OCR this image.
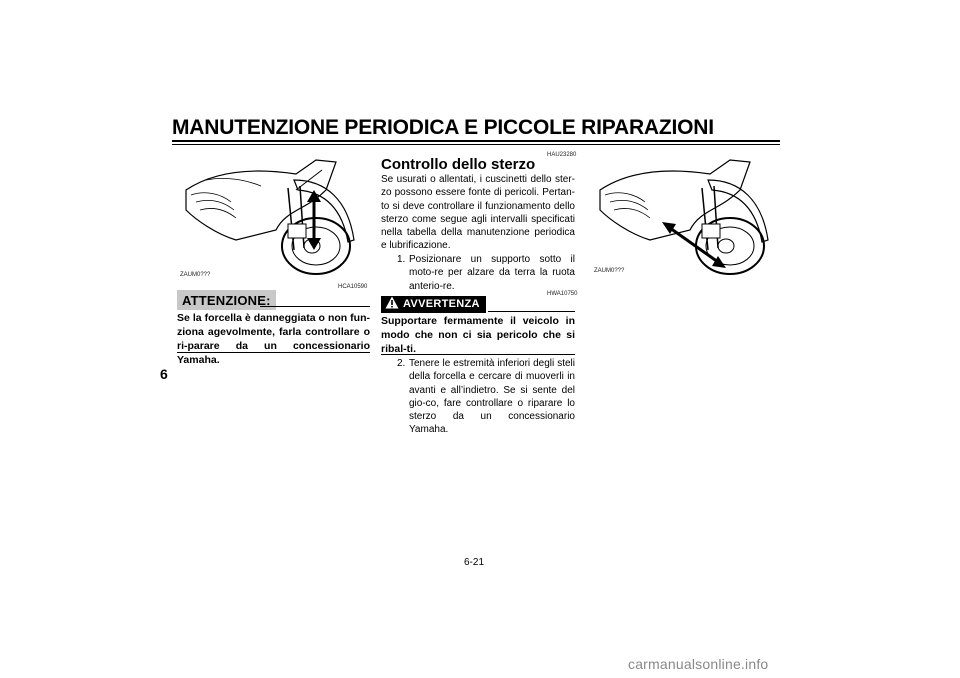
MANUTENZIONE PERIODICA E PICCOLE RIPARAZIONI
6
ZAUM0???
HCA10590
ATTENZIONE:
Se la forcella è danneggiata o non fun-ziona agevolmente, farla controllare o ri-parare da un concessionario Yamaha.
HAU23280
Controllo dello sterzo
Se usurati o allentati, i cuscinetti dello ster-zo possono essere fonte di pericoli. Pertan-to si deve controllare il funzionamento dello sterzo come segue agli intervalli specificati nella tabella della manutenzione periodica e lubrificazione.
1. Posizionare un supporto sotto il moto-re per alzare da terra la ruota anterio-re.
HWA10750
AVVERTENZA
Supportare fermamente il veicolo in modo che non ci sia pericolo che si ribal-ti.
2. Tenere le estremità inferiori degli steli della forcella e cercare di muoverli in avanti e all’indietro. Se si sente del gio-co, fare controllare o riparare lo sterzo da un concessionario Yamaha.
ZAUM0???
6-21
carmanualsonline.info
